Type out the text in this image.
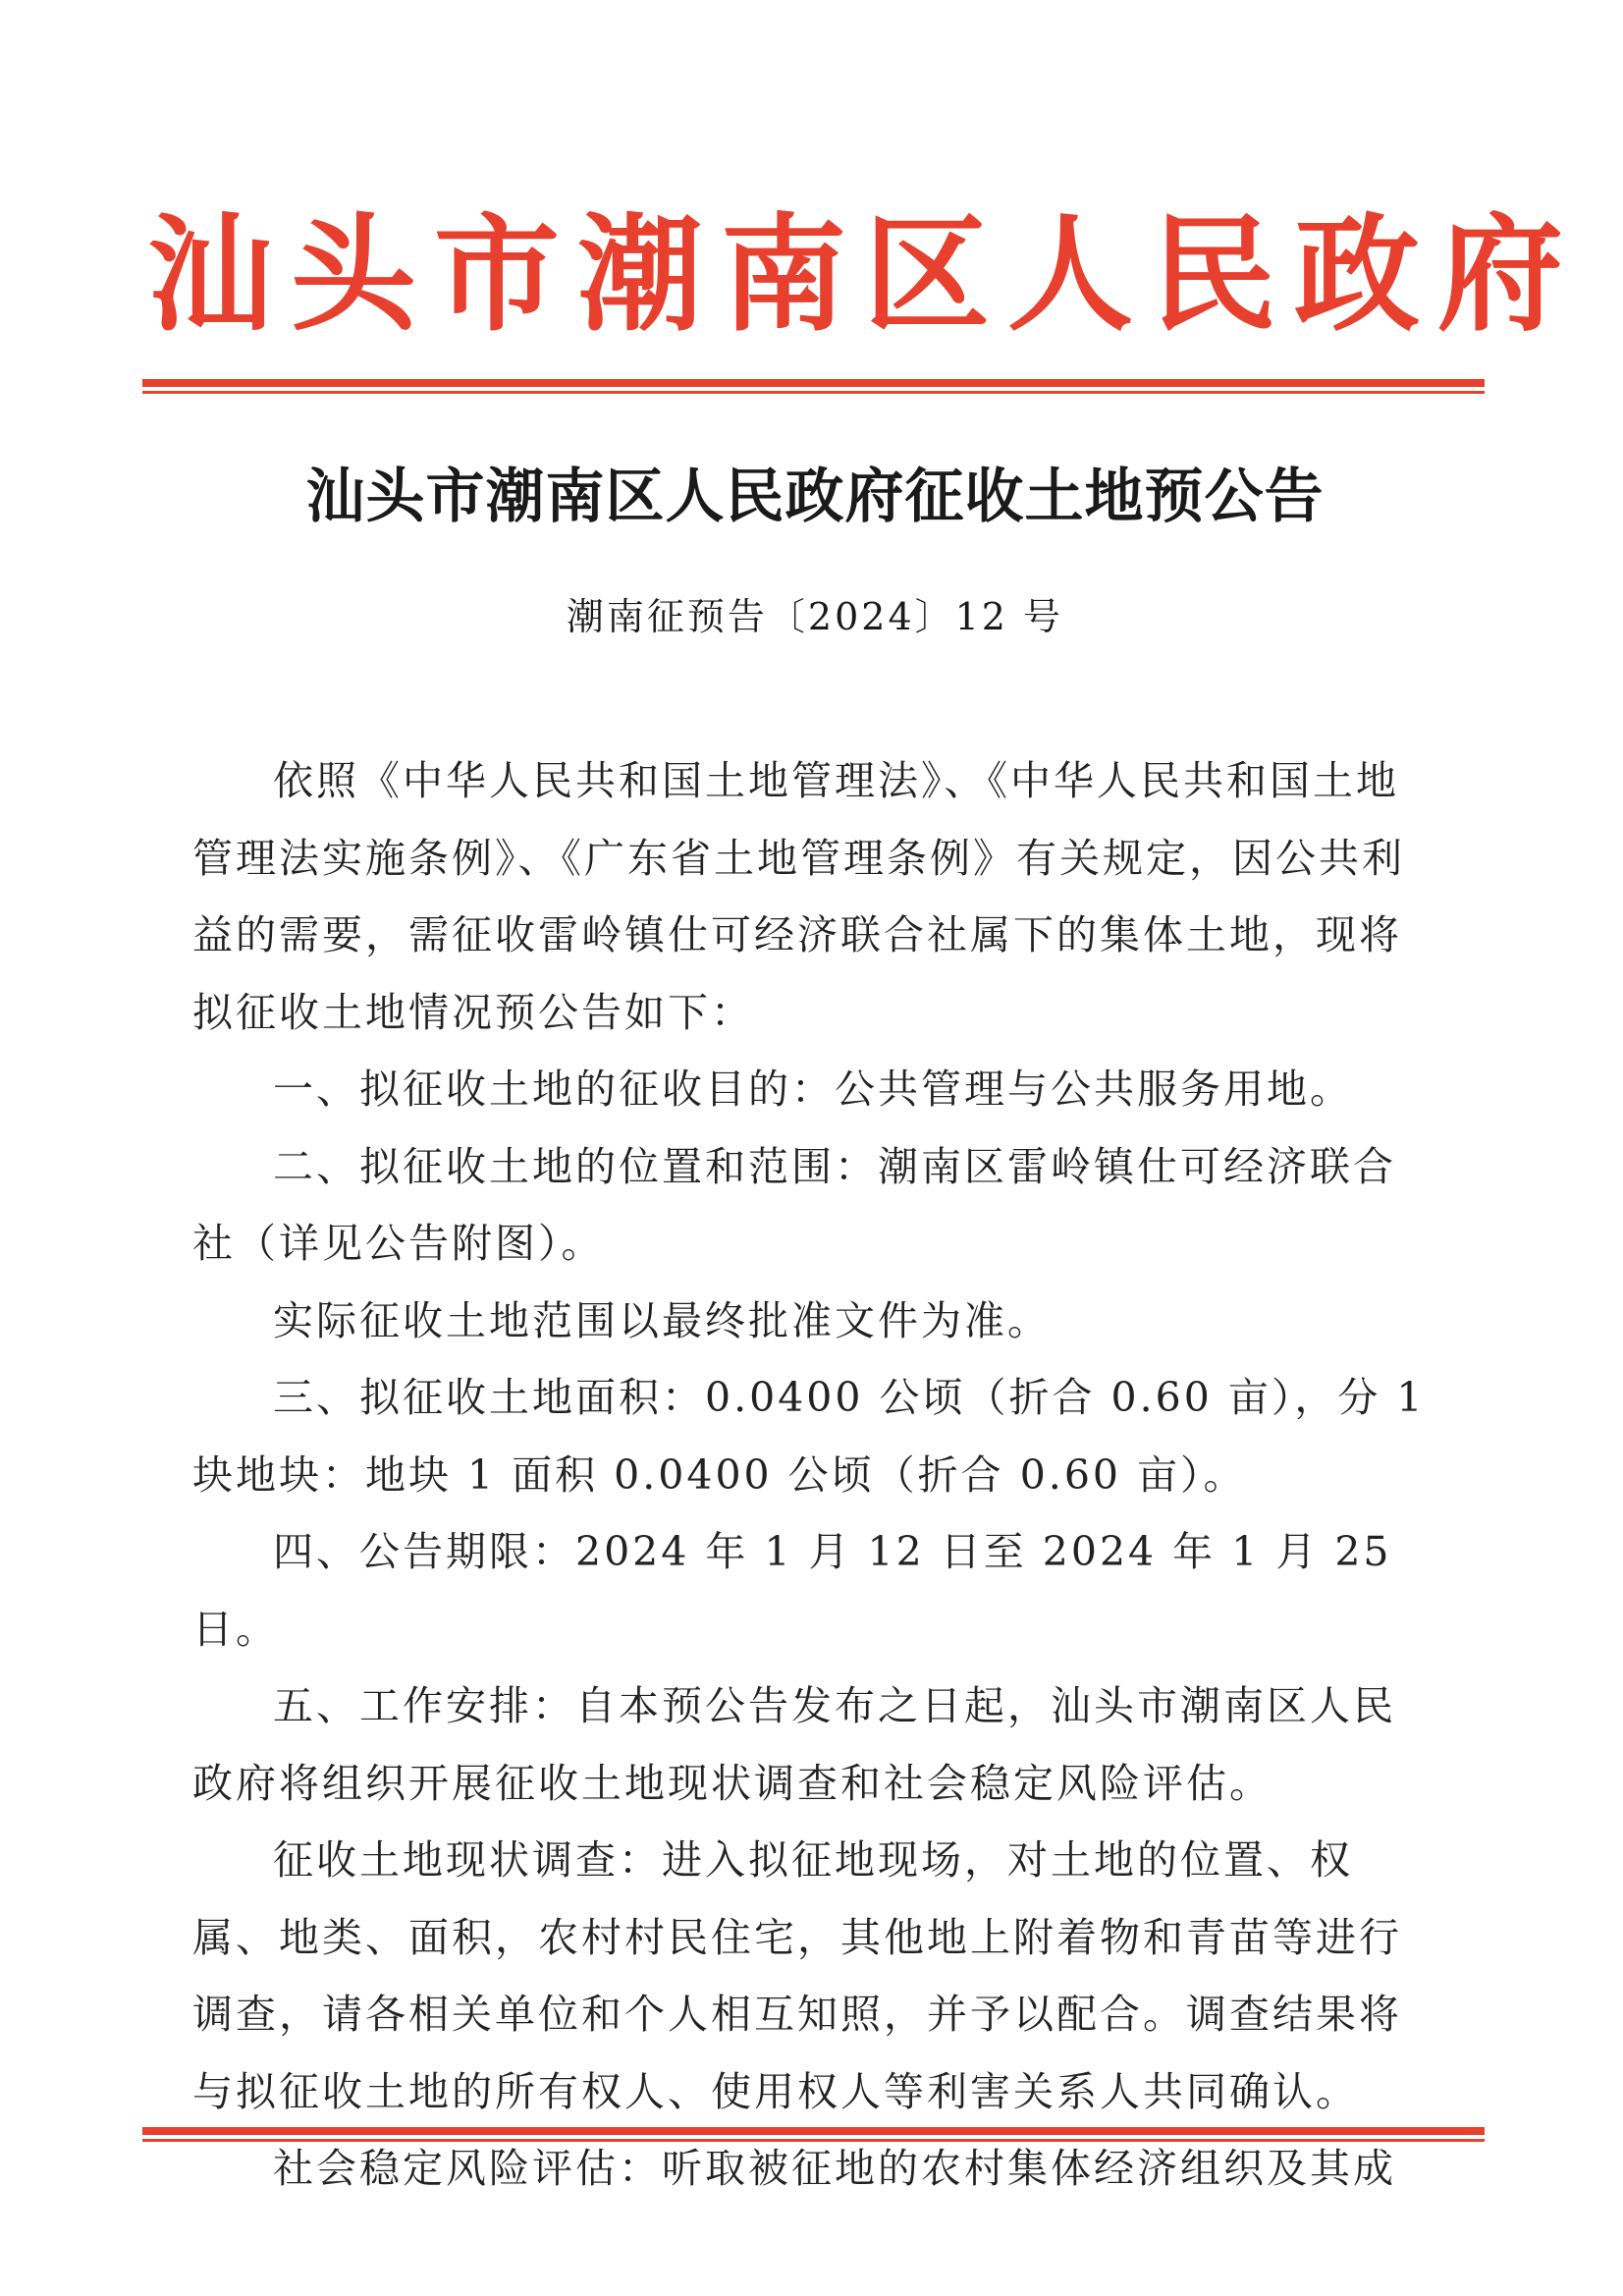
汕头市潮南区人民政府
汕头市潮南区人民政府征收土地预公告
潮南征预告〔2024〕12 号

依照《中华人民共和国土地管理法》、《中华人民共和国土地管理法实施条例》、《广东省土地管理条例》有关规定，因公共利益的需要，需征收雷岭镇仕可经济联合社属下的集体土地，现将拟征收土地情况预公告如下：

一、拟征收土地的征收目的：公共管理与公共服务用地。

二、拟征收土地的位置和范围：潮南区雷岭镇仕可经济联合社（详见公告附图）。

实际征收土地范围以最终批准文件为准。

三、拟征收土地面积：0.0400 公顷（折合 0.60 亩），分 1 块地块：地块 1 面积 0.0400 公顷（折合 0.60 亩）。

四、公告期限：2024 年 1 月 12 日至 2024 年 1 月 25 日。

五、工作安排：自本预公告发布之日起，汕头市潮南区人民政府将组织开展征收土地现状调查和社会稳定风险评估。

征收土地现状调查：进入拟征地现场，对土地的位置、权属、地类、面积，农村村民住宅，其他地上附着物和青苗等进行调查，请各相关单位和个人相互知照，并予以配合。调查结果将与拟征收土地的所有权人、使用权人等利害关系人共同确认。

社会稳定风险评估：听取被征地的农村集体经济组织及其成
